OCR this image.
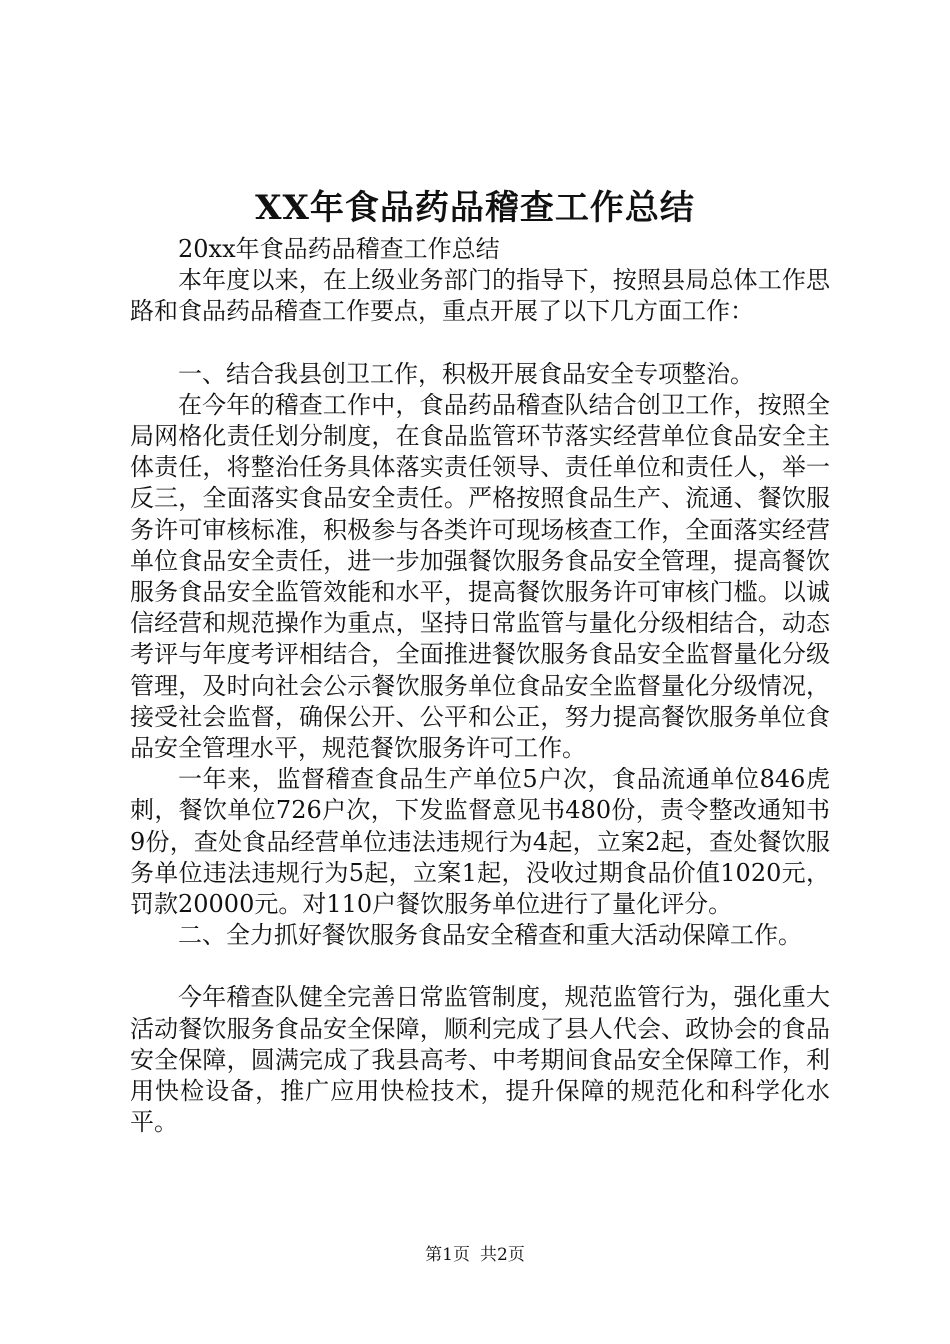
XX年食品药品稽查工作总结

20xx年食品药品稽查工作总结

本年度以来，在上级业务部门的指导下，按照县局总体工作思路和食品药品稽查工作要点，重点开展了以下几方面工作：

一、结合我县创卫工作，积极开展食品安全专项整治。

在今年的稽查工作中，食品药品稽查队结合创卫工作，按照全局网格化责任划分制度，在食品监管环节落实经营单位食品安全主体责任，将整治任务具体落实责任领导、责任单位和责任人，举一反三，全面落实食品安全责任。严格按照食品生产、流通、餐饮服务许可审核标准，积极参与各类许可现场核查工作，全面落实经营单位食品安全责任，进一步加强餐饮服务食品安全管理，提高餐饮服务食品安全监管效能和水平，提高餐饮服务许可审核门槛。以诚信经营和规范操作为重点，坚持日常监管与量化分级相结合，动态考评与年度考评相结合，全面推进餐饮服务食品安全监督量化分级管理，及时向社会公示餐饮服务单位食品安全监督量化分级情况，接受社会监督，确保公开、公平和公正，努力提高餐饮服务单位食品安全管理水平，规范餐饮服务许可工作。

一年来，监督稽查食品生产单位5户次，食品流通单位846虎刺，餐饮单位726户次，下发监督意见书480份，责令整改通知书9份，查处食品经营单位违法违规行为4起，立案2起，查处餐饮服务单位违法违规行为5起，立案1起，没收过期食品价值1020元，罚款20000元。对110户餐饮服务单位进行了量化评分。

二、全力抓好餐饮服务食品安全稽查和重大活动保障工作。

今年稽查队健全完善日常监管制度，规范监管行为，强化重大活动餐饮服务食品安全保障，顺利完成了县人代会、政协会的食品安全保障，圆满完成了我县高考、中考期间食品安全保障工作，利用快检设备，推广应用快检技术，提升保障的规范化和科学化水平。

第1页 共2页
